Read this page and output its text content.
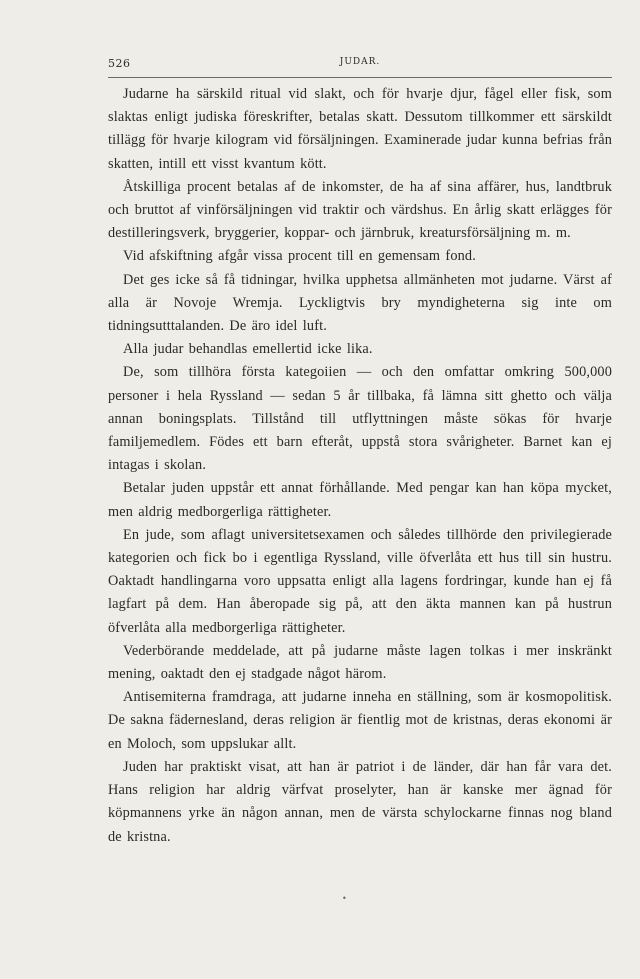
526	JUDAR.

Judarne ha särskild ritual vid slakt, och för hvarje djur, fågel eller fisk, som slaktas enligt judiska föreskrifter, betalas skatt. Dessutom tillkommer ett särskildt tillägg för hvarje kilogram vid försäljningen. Examinerade judar kunna befrias från skatten, intill ett visst kvantum kött.

Åtskilliga procent betalas af de inkomster, de ha af sina affärer, hus, landtbruk och bruttot af vinförsäljningen vid traktir och värdshus. En årlig skatt erlägges för destilleringsverk, bryggerier, koppar- och järnbruk, kreatursförsäljning m. m.

Vid afskiftning afgår vissa procent till en gemensam fond.

Det ges icke så få tidningar, hvilka upphetsa allmänheten mot judarne. Värst af alla är Novoje Wremja. Lyckligtvis bry myndigheterna sig inte om tidningsutttalanden. De äro idel luft.

Alla judar behandlas emellertid icke lika.

De, som tillhöra första kategoiien — och den omfattar omkring 500,000 personer i hela Ryssland — sedan 5 år tillbaka, få lämna sitt ghetto och välja annan boningsplats. Tillstånd till utflyttningen måste sökas för hvarje familjemedlem. Födes ett barn efteråt, uppstå stora svårigheter. Barnet kan ej intagas i skolan.

Betalar juden uppstår ett annat förhållande. Med pengar kan han köpa mycket, men aldrig medborgerliga rättigheter.

En jude, som aflagt universitetsexamen och således tillhörde den privilegierade kategorien och fick bo i egentliga Ryssland, ville öfverlåta ett hus till sin hustru. Oaktadt handlingarna voro uppsatta enligt alla lagens fordringar, kunde han ej få lagfart på dem. Han åberopade sig på, att den äkta mannen kan på hustrun öfverlåta alla medborgerliga rättigheter.

Vederbörande meddelade, att på judarne måste lagen tolkas i mer inskränkt mening, oaktadt den ej stadgade något härom.

Antisemiterna framdraga, att judarne inneha en ställning, som är kosmopolitisk. De sakna fädernesland, deras religion är fientlig mot de kristnas, deras ekonomi är en Moloch, som uppslukar allt.

Juden har praktiskt visat, att han är patriot i de länder, där han får vara det. Hans religion har aldrig värfvat proselyter, han är kanske mer ägnad för köpmannens yrke än någon annan, men de värsta schylockarne finnas nog bland de kristna.

•
